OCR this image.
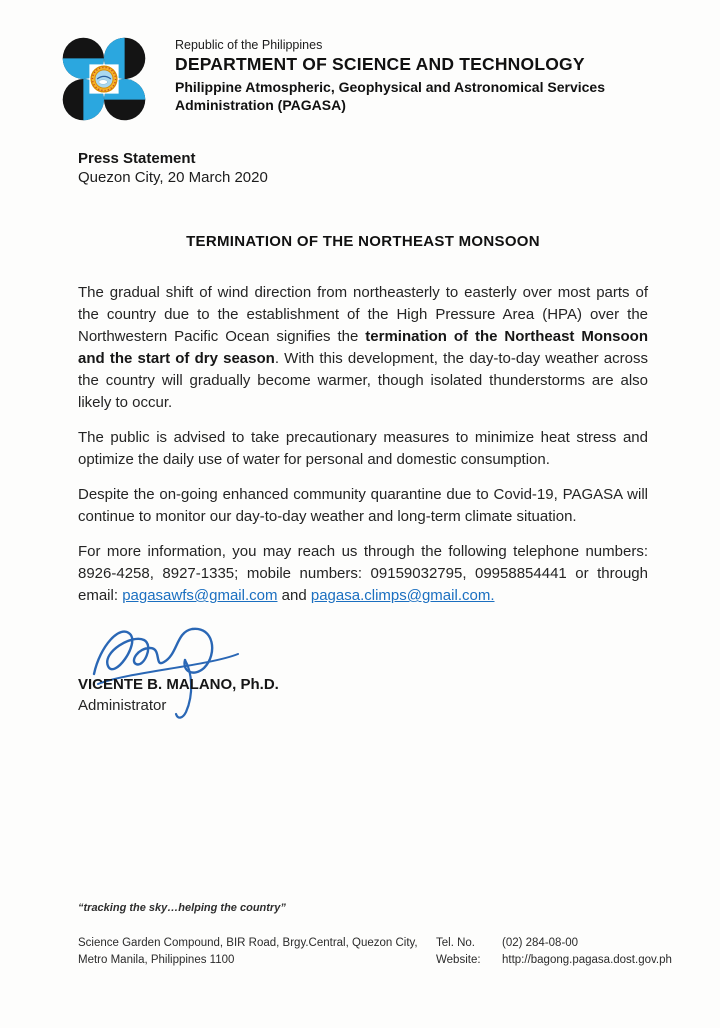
Republic of the Philippines
DEPARTMENT OF SCIENCE AND TECHNOLOGY
Philippine Atmospheric, Geophysical and Astronomical Services
Administration (PAGASA)
Press Statement
Quezon City, 20 March 2020
TERMINATION OF THE NORTHEAST MONSOON

The gradual shift of wind direction from northeasterly to easterly over most parts of the country due to the establishment of the High Pressure Area (HPA) over the Northwestern Pacific Ocean signifies the termination of the Northeast Monsoon and the start of dry season. With this development, the day-to-day weather across the country will gradually become warmer, though isolated thunderstorms are also likely to occur.

The public is advised to take precautionary measures to minimize heat stress and optimize the daily use of water for personal and domestic consumption.

Despite the on-going enhanced community quarantine due to Covid-19, PAGASA will continue to monitor our day-to-day weather and long-term climate situation.

For more information, you may reach us through the following telephone numbers: 8926-4258, 8927-1335; mobile numbers: 09159032795, 09958854441 or through email: pagasawfs@gmail.com and pagasa.climps@gmail.com.

VICENTE B. MALANO, Ph.D.
Administrator
“tracking the sky…helping the country”
Science Garden Compound, BIR Road, Brgy.Central, Quezon City,
Metro Manila, Philippines 1100
Tel. No.	(02) 284-08-00
Website:	http://bagong.pagasa.dost.gov.ph
